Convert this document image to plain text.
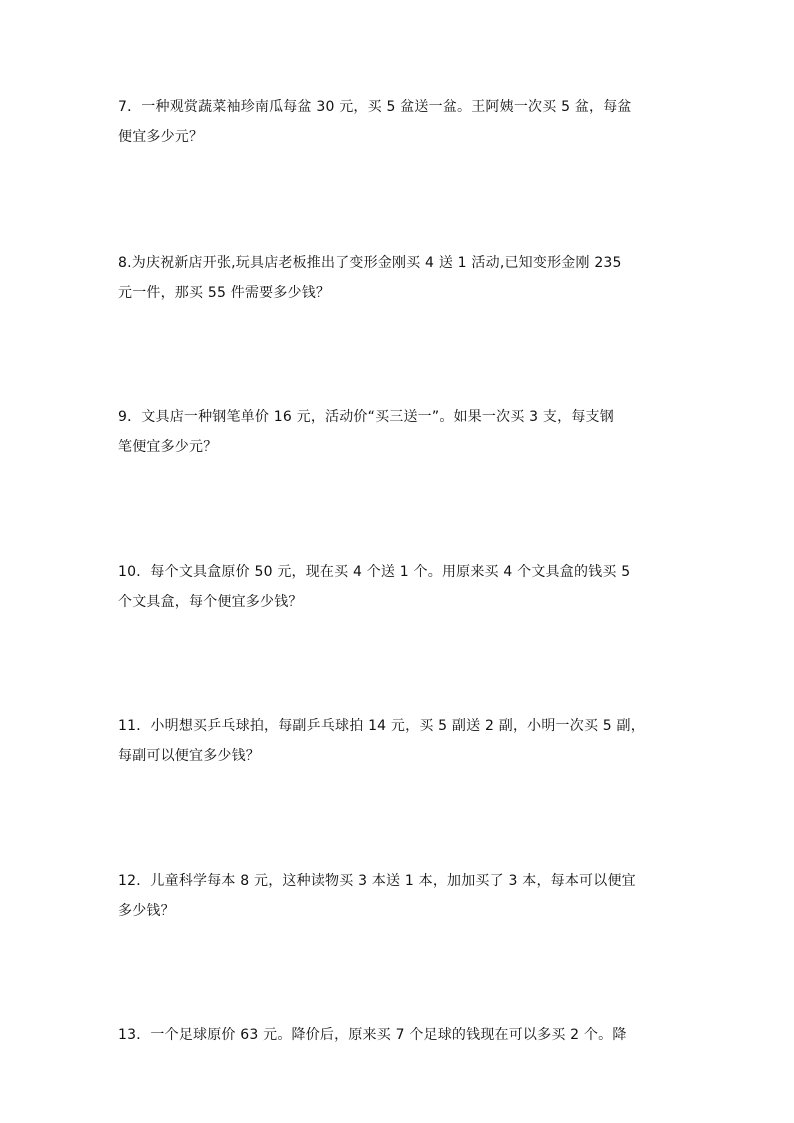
7．一种观赏蔬菜袖珍南瓜每盆 30 元，买 5 盆送一盆。王阿姨一次买 5 盆，每盆
便宜多少元？
8.为庆祝新店开张,玩具店老板推出了变形金刚买 4 送 1 活动,已知变形金刚 235
元一件，那买 55 件需要多少钱？
9．文具店一种钢笔单价 16 元，活动价“买三送一”。如果一次买 3 支，每支钢
笔便宜多少元？
10．每个文具盒原价 50 元，现在买 4 个送 1 个。用原来买 4 个文具盒的钱买 5
个文具盒，每个便宜多少钱？
11．小明想买乒乓球拍，每副乒乓球拍 14 元，买 5 副送 2 副，小明一次买 5 副，
每副可以便宜多少钱？
12．儿童科学每本 8 元，这种读物买 3 本送 1 本，加加买了 3 本，每本可以便宜
多少钱？
13．一个足球原价 63 元。降价后，原来买 7 个足球的钱现在可以多买 2 个。降
